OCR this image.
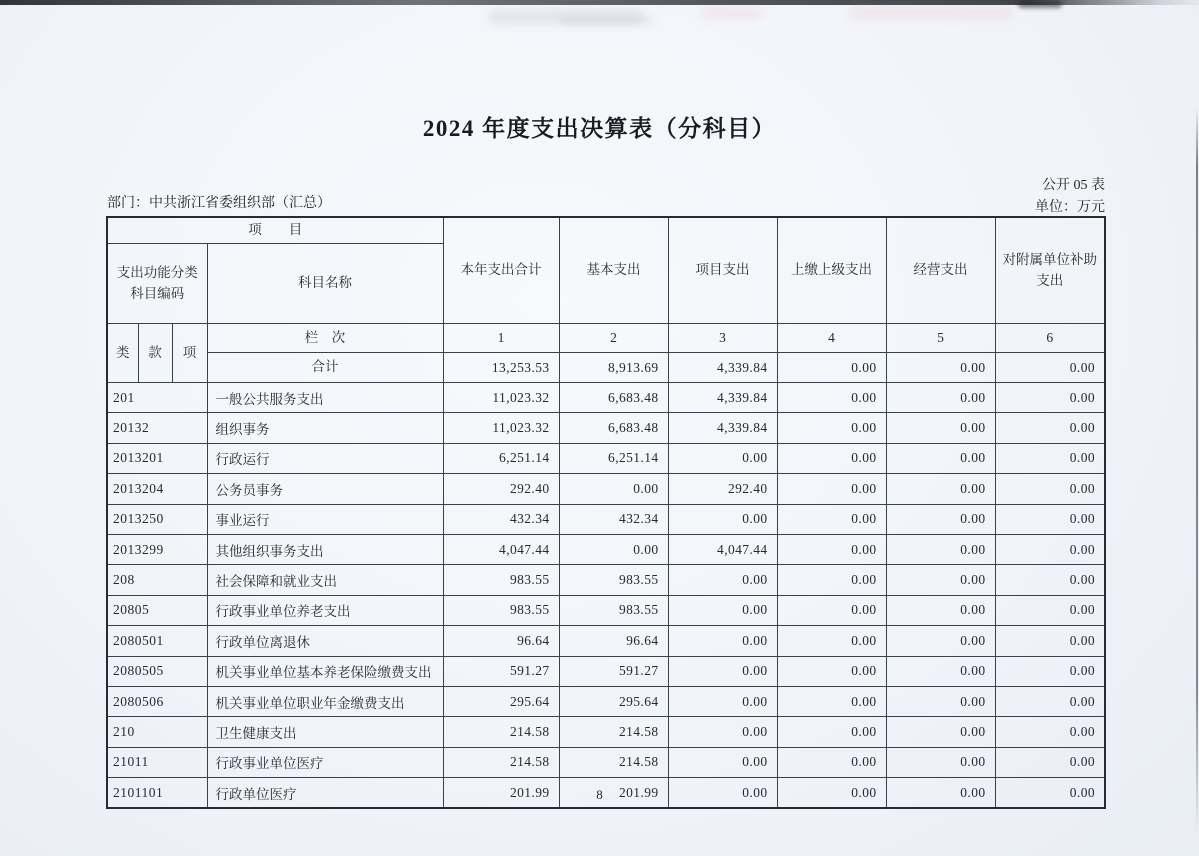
2024 年度支出决算表（分科目）
公开 05 表
部门：中共浙江省委组织部（汇总）	单位：万元
项　　目				本年支出合计	基本支出	项目支出	上缴上级支出	经营支出	对附属单位补助支出
支出功能分类科目编码			科目名称						
类	款	项	栏　次	1	2	3	4	5	6
			合计	13,253.53	8,913.69	4,339.84	0.00	0.00	0.00
201			一般公共服务支出	11,023.32	6,683.48	4,339.84	0.00	0.00	0.00
20132			组织事务	11,023.32	6,683.48	4,339.84	0.00	0.00	0.00
2013201			行政运行	6,251.14	6,251.14	0.00	0.00	0.00	0.00
2013204			公务员事务	292.40	0.00	292.40	0.00	0.00	0.00
2013250			事业运行	432.34	432.34	0.00	0.00	0.00	0.00
2013299			其他组织事务支出	4,047.44	0.00	4,047.44	0.00	0.00	0.00
208			社会保障和就业支出	983.55	983.55	0.00	0.00	0.00	0.00
20805			行政事业单位养老支出	983.55	983.55	0.00	0.00	0.00	0.00
2080501			行政单位离退休	96.64	96.64	0.00	0.00	0.00	0.00
2080505			机关事业单位基本养老保险缴费支出	591.27	591.27	0.00	0.00	0.00	0.00
2080506			机关事业单位职业年金缴费支出	295.64	295.64	0.00	0.00	0.00	0.00
210			卫生健康支出	214.58	214.58	0.00	0.00	0.00	0.00
21011			行政事业单位医疗	214.58	214.58	0.00	0.00	0.00	0.00
2101101			行政单位医疗	201.99	201.99	0.00	0.00	0.00	0.00
8
